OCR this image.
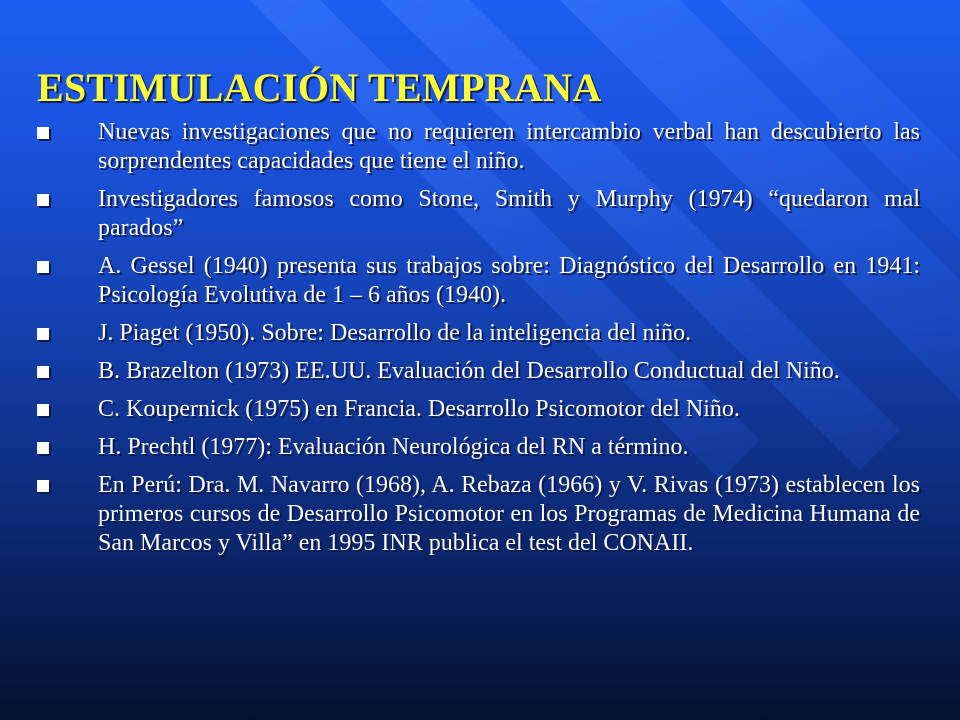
ESTIMULACIÓN TEMPRANA
Nuevas investigaciones que no requieren intercambio verbal han descubierto las sorprendentes capacidades que tiene el niño.
Investigadores famosos como Stone, Smith y Murphy (1974) “quedaron mal parados”
A. Gessel (1940) presenta sus trabajos sobre: Diagnóstico del Desarrollo en 1941: Psicología Evolutiva de 1 – 6 años (1940).
J. Piaget (1950). Sobre: Desarrollo de la inteligencia del niño.
B. Brazelton (1973) EE.UU. Evaluación del Desarrollo Conductual del Niño.
C. Koupernick (1975) en Francia. Desarrollo Psicomotor del Niño.
H. Prechtl (1977): Evaluación Neurológica del RN a término.
En Perú: Dra. M. Navarro (1968), A. Rebaza (1966) y V. Rivas (1973) establecen los primeros cursos de Desarrollo Psicomotor en los Programas de Medicina Humana de San Marcos y Villa” en 1995 INR publica el test del CONAII.
